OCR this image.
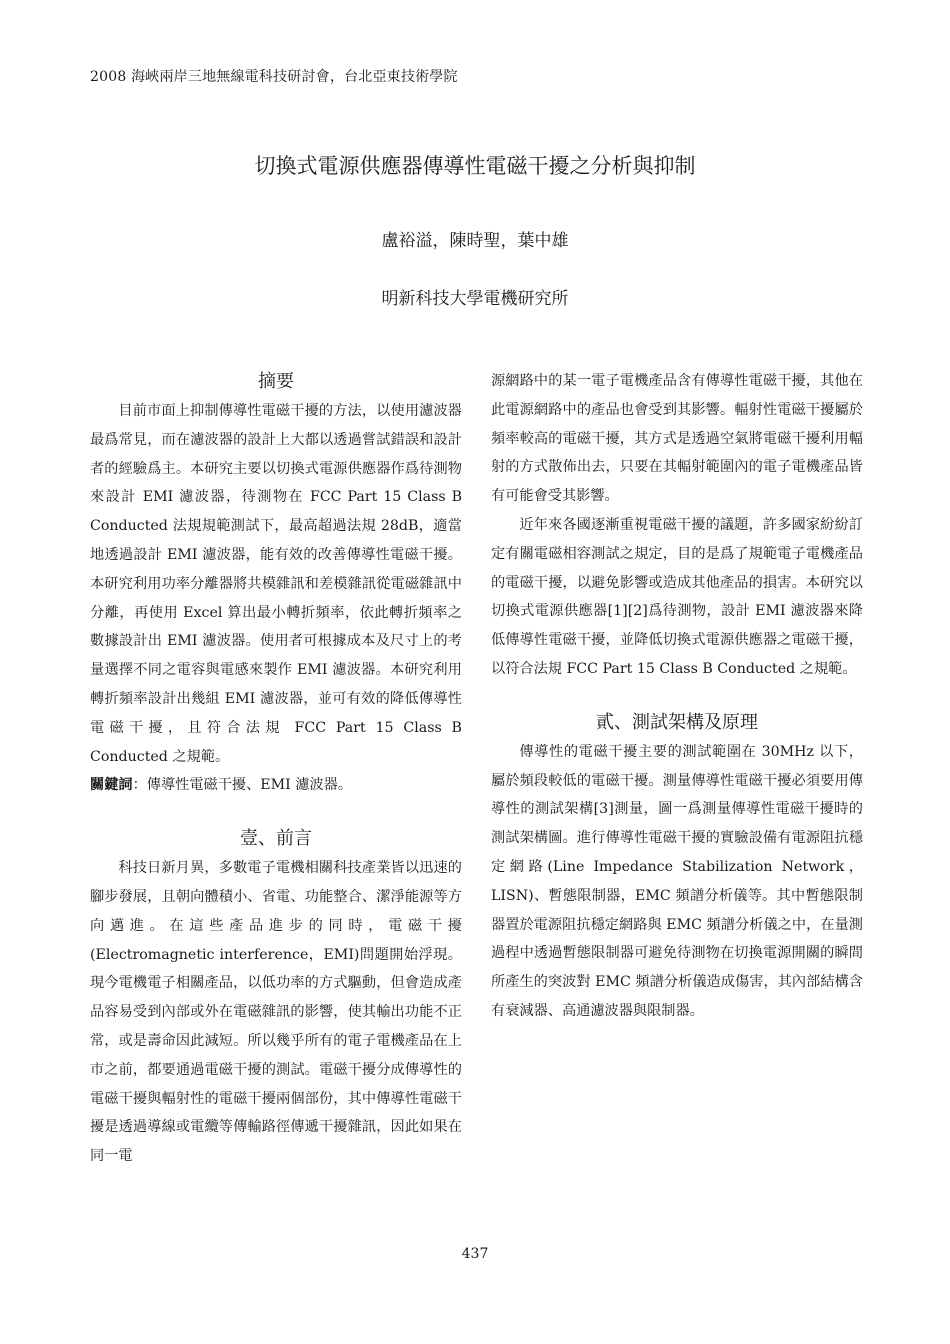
2008 海峽兩岸三地無線電科技研討會，台北亞東技術學院
切換式電源供應器傳導性電磁干擾之分析與抑制
盧裕溢，陳時聖，葉中雄
明新科技大學電機研究所
摘要

目前市面上抑制傳導性電磁干擾的方法，以使用濾波器最爲常見，而在濾波器的設計上大都以透過嘗試錯誤和設計者的經驗爲主。本研究主要以切換式電源供應器作爲待測物來設計 EMI 濾波器，待測物在 FCC Part 15 Class B Conducted 法規規範測試下，最高超過法規 28dB，適當地透過設計 EMI 濾波器，能有效的改善傳導性電磁干擾。本研究利用功率分離器將共模雜訊和差模雜訊從電磁雜訊中分離，再使用 Excel 算出最小轉折頻率，依此轉折頻率之數據設計出 EMI 濾波器。使用者可根據成本及尺寸上的考量選擇不同之電容與電感來製作 EMI 濾波器。本研究利用轉折頻率設計出幾組 EMI 濾波器，並可有效的降低傳導性電磁干擾，且符合法規 FCC Part 15 Class B Conducted 之規範。

關鍵詞：傳導性電磁干擾、EMI 濾波器。

壹、前言

科技日新月異，多數電子電機相關科技產業皆以迅速的腳步發展，且朝向體積小、省電、功能整合、潔淨能源等方向邁進。在這些產品進步的同時，電磁干擾(Electromagnetic interference，EMI)問題開始浮現。現今電機電子相關產品，以低功率的方式驅動，但會造成產品容易受到內部或外在電磁雜訊的影響，使其輸出功能不正常，或是壽命因此減短。所以幾乎所有的電子電機產品在上市之前，都要通過電磁干擾的測試。電磁干擾分成傳導性的電磁干擾與輻射性的電磁干擾兩個部份，其中傳導性電磁干擾是透過導線或電纜等傳輸路徑傳遞干擾雜訊，因此如果在同一電

源網路中的某一電子電機產品含有傳導性電磁干擾，其他在此電源網路中的產品也會受到其影響。輻射性電磁干擾屬於頻率較高的電磁干擾，其方式是透過空氣將電磁干擾利用輻射的方式散佈出去，只要在其輻射範圍內的電子電機產品皆有可能會受其影響。

近年來各國逐漸重視電磁干擾的議題，許多國家紛紛訂定有關電磁相容測試之規定，目的是爲了規範電子電機產品的電磁干擾，以避免影響或造成其他產品的損害。本研究以切換式電源供應器[1][2]爲待測物，設計 EMI 濾波器來降低傳導性電磁干擾，並降低切換式電源供應器之電磁干擾，以符合法規 FCC Part 15 Class B Conducted 之規範。

貳、測試架構及原理

傳導性的電磁干擾主要的測試範圍在 30MHz 以下，屬於頻段較低的電磁干擾。測量傳導性電磁干擾必須要用傳導性的測試架構[3]測量，圖一爲測量傳導性電磁干擾時的測試架構圖。進行傳導性電磁干擾的實驗設備有電源阻抗穩定網路(Line Impedance Stabilization Network，LISN)、暫態限制器，EMC 頻譜分析儀等。其中暫態限制器置於電源阻抗穩定網路與 EMC 頻譜分析儀之中，在量測過程中透過暫態限制器可避免待測物在切換電源開關的瞬間所產生的突波對 EMC 頻譜分析儀造成傷害，其內部結構含有衰減器、高通濾波器與限制器。

437
